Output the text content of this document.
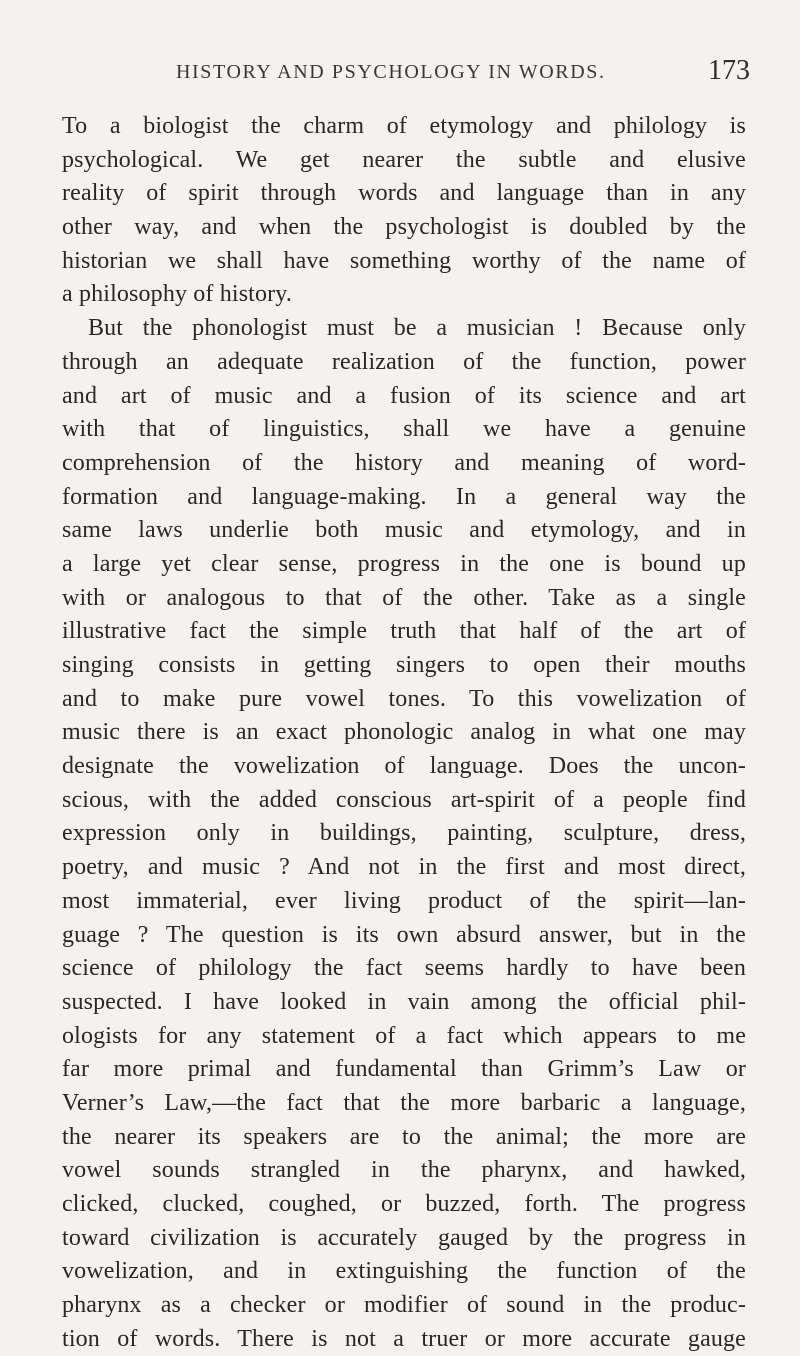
HISTORY AND PSYCHOLOGY IN WORDS.	173
To a biologist the charm of etymology and philology is
psychological. We get nearer the subtle and elusive
reality of spirit through words and language than in any
other way, and when the psychologist is doubled by the
historian we shall have something worthy of the name of
a philosophy of history.
But the phonologist must be a musician ! Because only
through an adequate realization of the function, power
and art of music and a fusion of its science and art
with that of linguistics, shall we have a genuine
comprehension of the history and meaning of word-
formation and language-making. In a general way the
same laws underlie both music and etymology, and in
a large yet clear sense, progress in the one is bound up
with or analogous to that of the other. Take as a single
illustrative fact the simple truth that half of the art of
singing consists in getting singers to open their mouths
and to make pure vowel tones. To this vowelization of
music there is an exact phonologic analog in what one may
designate the vowelization of language. Does the uncon-
scious, with the added conscious art-spirit of a people find
expression only in buildings, painting, sculpture, dress,
poetry, and music ? And not in the first and most direct,
most immaterial, ever living product of the spirit—lan-
guage ? The question is its own absurd answer, but in the
science of philology the fact seems hardly to have been
suspected. I have looked in vain among the official phil-
ologists for any statement of a fact which appears to me
far more primal and fundamental than Grimm’s Law or
Verner’s Law,—the fact that the more barbaric a language,
the nearer its speakers are to the animal; the more are
vowel sounds strangled in the pharynx, and hawked,
clicked, clucked, coughed, or buzzed, forth. The progress
toward civilization is accurately gauged by the progress in
vowelization, and in extinguishing the function of the
pharynx as a checker or modifier of sound in the produc-
tion of words. There is not a truer or more accurate gauge
